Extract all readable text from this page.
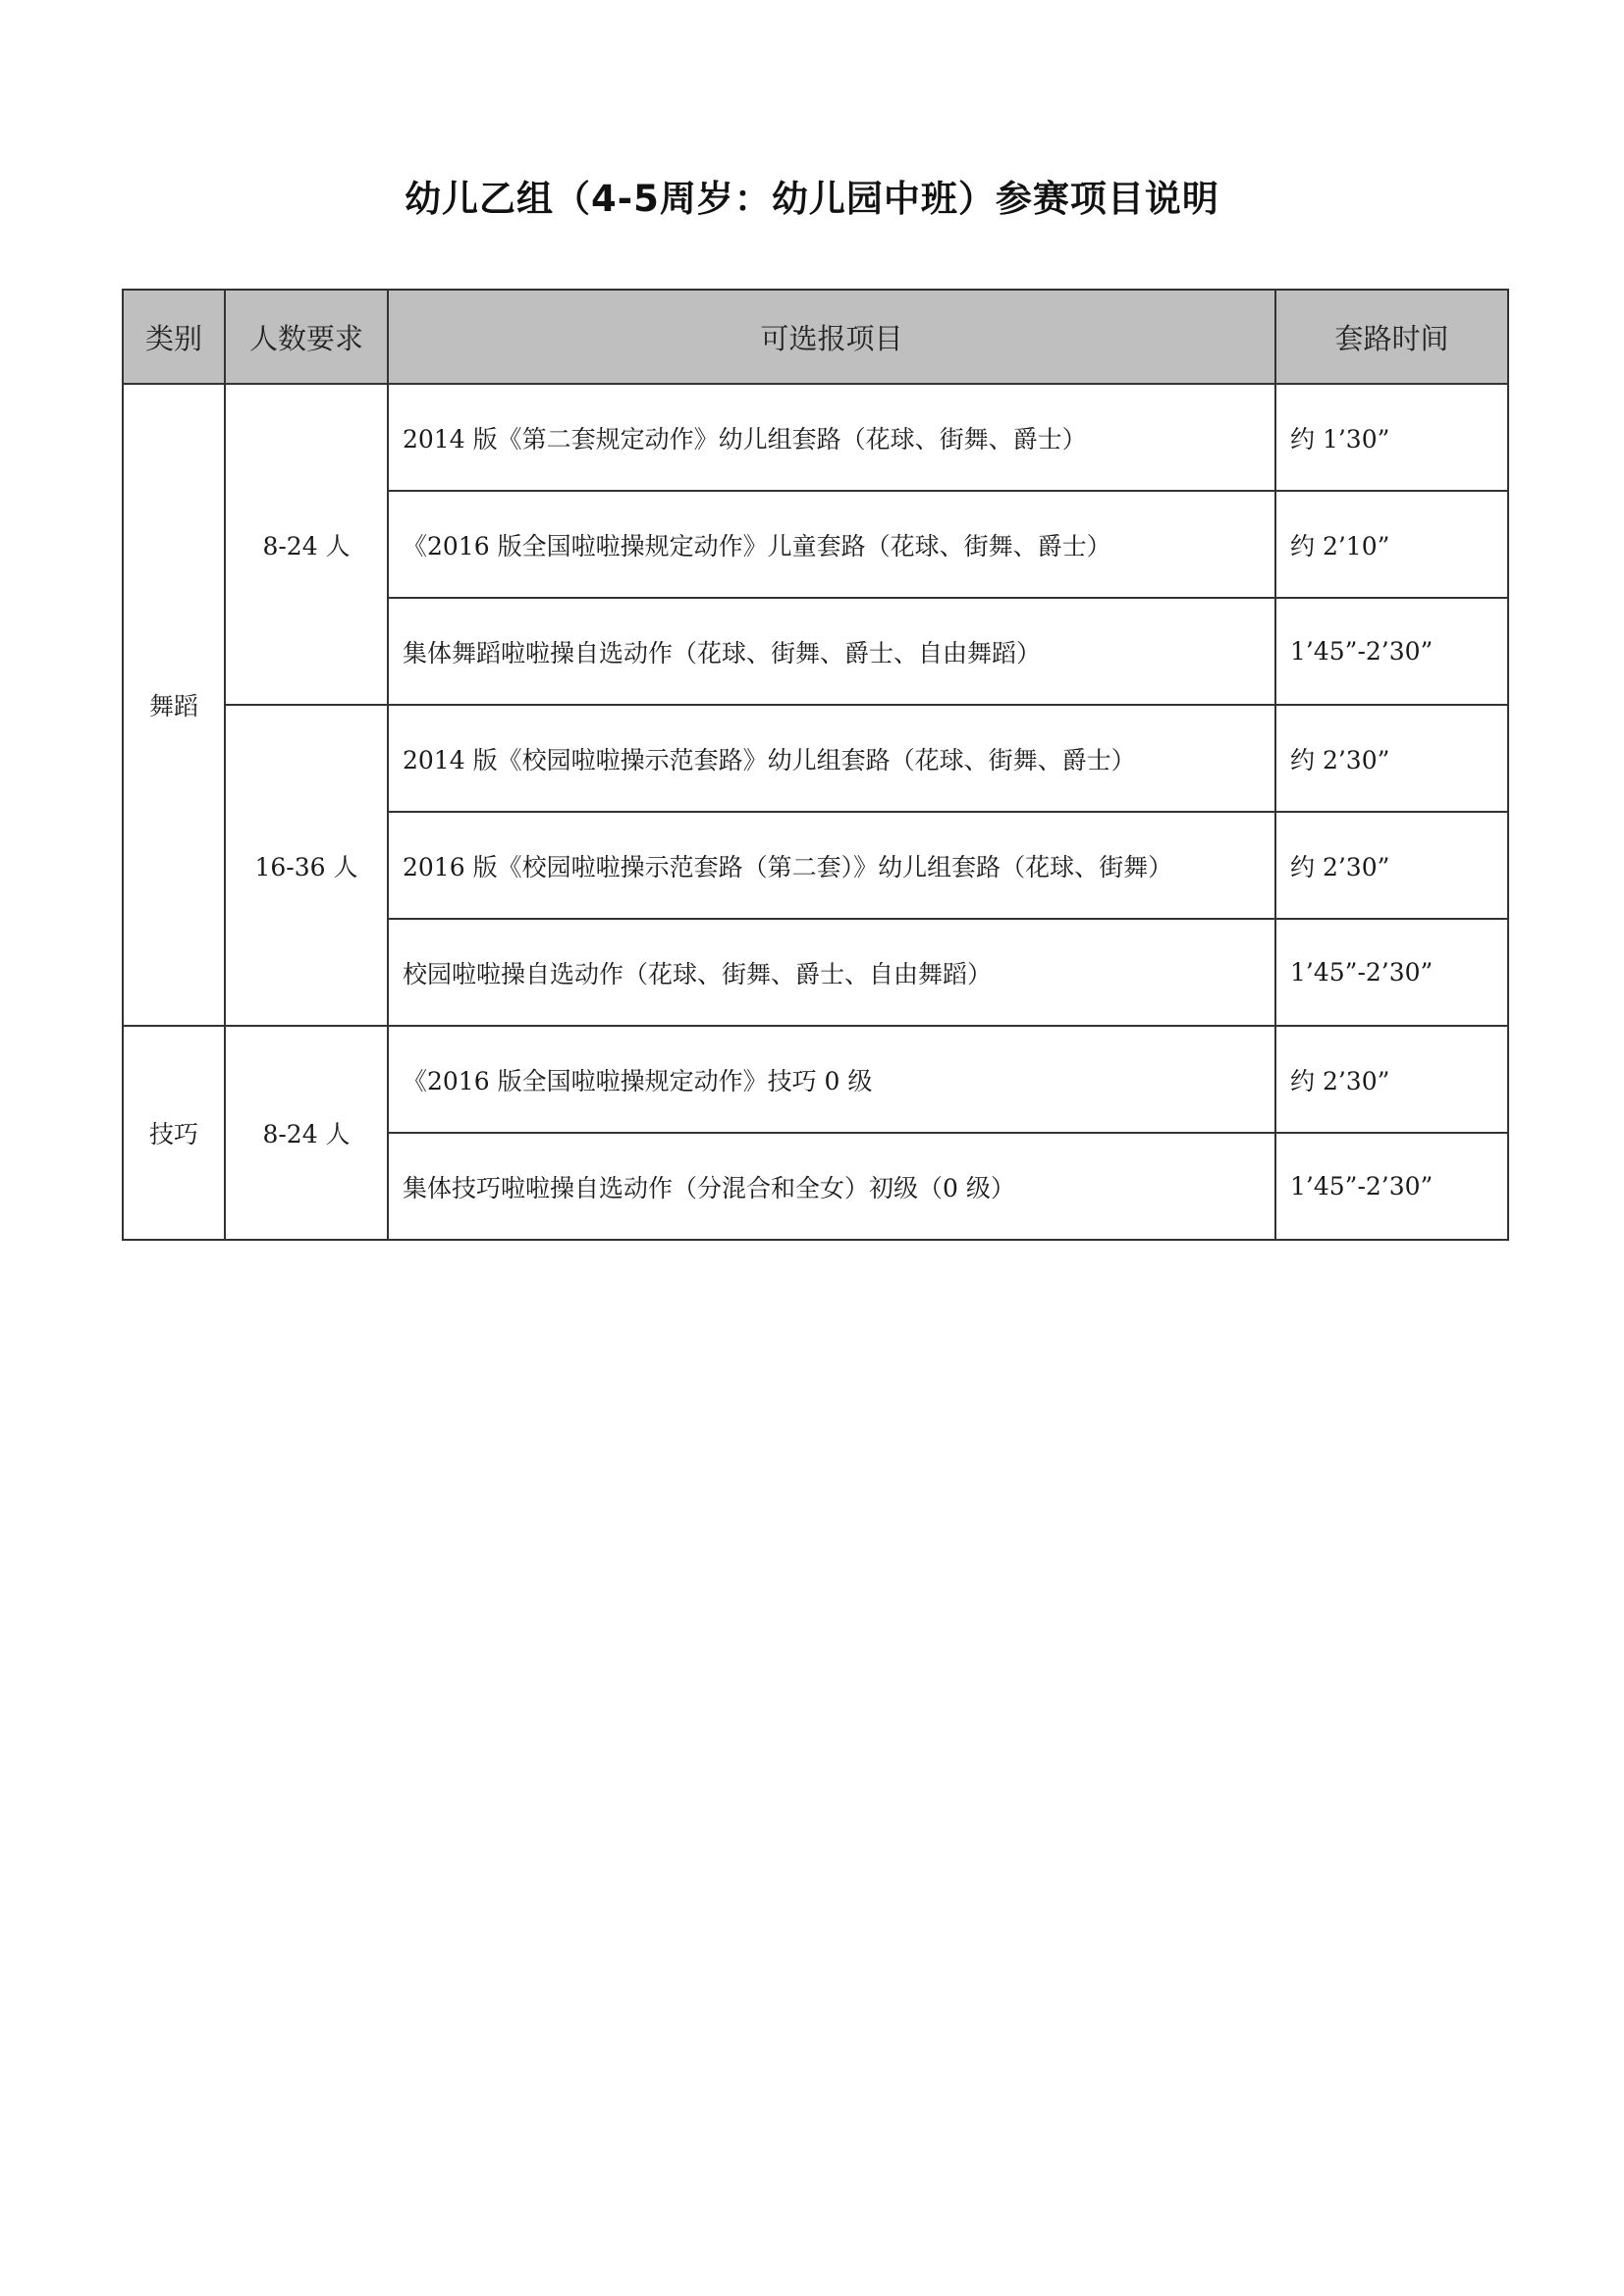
幼儿乙组（4-5周岁：幼儿园中班）参赛项目说明
类别	人数要求	可选报项目	套路时间
舞蹈	8-24 人	2014 版《第二套规定动作》幼儿组套路（花球、街舞、爵士）	约 1’30”
		《2016 版全国啦啦操规定动作》儿童套路（花球、街舞、爵士）	约 2’10”
		集体舞蹈啦啦操自选动作（花球、街舞、爵士、自由舞蹈）	1’45”-2’30”
	16-36 人	2014 版《校园啦啦操示范套路》幼儿组套路（花球、街舞、爵士）	约 2’30”
		2016 版《校园啦啦操示范套路（第二套）》幼儿组套路（花球、街舞）	约 2’30”
		校园啦啦操自选动作（花球、街舞、爵士、自由舞蹈）	1’45”-2’30”
技巧	8-24 人	《2016 版全国啦啦操规定动作》技巧 0 级	约 2’30”
		集体技巧啦啦操自选动作（分混合和全女）初级（0 级）	1’45”-2’30”
